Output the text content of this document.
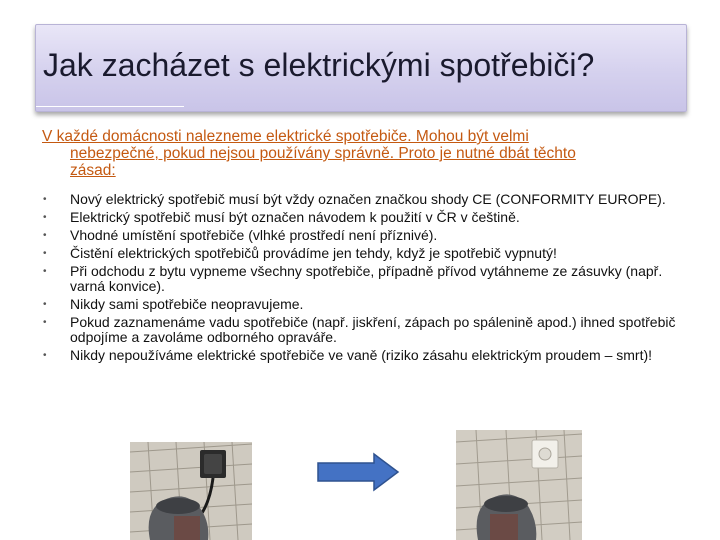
Jak zacházet s elektrickými spotřebiči?
V každé domácnosti nalezneme elektrické spotřebiče. Mohou být velmi
nebezpečné, pokud nejsou používány správně. Proto je nutné dbát těchto
zásad:
• Nový elektrický spotřebič musí být vždy označen značkou shody CE (CONFORMITY EUROPE).
• Elektrický spotřebič musí být označen návodem k použití v ČR v češtině.
• Vhodné umístění spotřebiče (vlhké prostředí není příznivé).
• Čistění elektrických spotřebičů provádíme jen tehdy, když je spotřebič vypnutý!
• Při odchodu z bytu vypneme všechny spotřebiče, případně přívod vytáhneme ze zásuvky (např. varná konvice).
• Nikdy sami spotřebiče neopravujeme.
• Pokud zaznamenáme vadu spotřebiče (např. jiskření, zápach po spálenině apod.) ihned spotřebič odpojíme a zavoláme odborného opraváře.
• Nikdy nepoužíváme elektrické spotřebiče ve vaně (riziko zásahu elektrickým proudem – smrt)!
